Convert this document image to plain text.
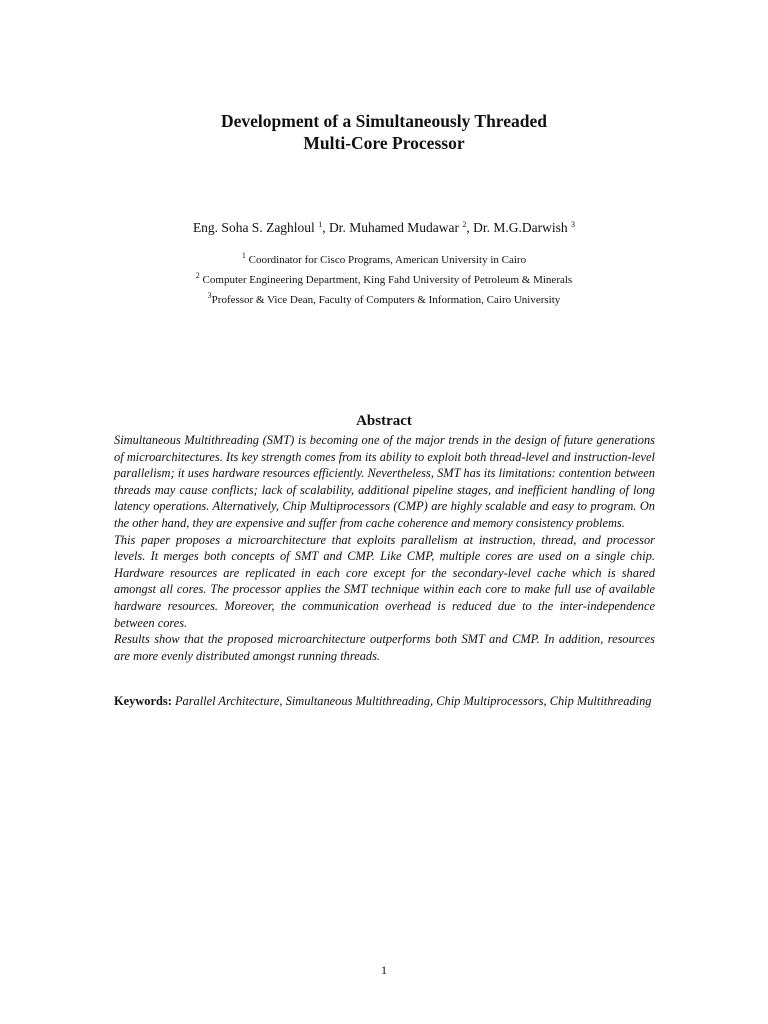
Development of a Simultaneously Threaded
Multi-Core Processor
Eng. Soha S. Zaghloul $^1$, Dr. Muhamed Mudawar $^2$, Dr. M.G.Darwish $^3$
$^1$ Coordinator for Cisco Programs, American University in Cairo
$^2$ Computer Engineering Department, King Fahd University of Petroleum & Minerals
$^3$Professor & Vice Dean, Faculty of Computers & Information, Cairo University
Abstract

Simultaneous Multithreading (SMT) is becoming one of the major trends in the design of future generations of microarchitectures. Its key strength comes from its ability to exploit both thread-level and instruction-level parallelism; it uses hardware resources efficiently. Nevertheless, SMT has its limitations: contention between threads may cause conflicts; lack of scalability, additional pipeline stages, and inefficient handling of long latency operations. Alternatively, Chip Multiprocessors (CMP) are highly scalable and easy to program. On the other hand, they are expensive and suffer from cache coherence and memory consistency problems.

This paper proposes a microarchitecture that exploits parallelism at instruction, thread, and processor levels. It merges both concepts of SMT and CMP. Like CMP, multiple cores are used on a single chip. Hardware resources are replicated in each core except for the secondary-level cache which is shared amongst all cores. The processor applies the SMT technique within each core to make full use of available hardware resources. Moreover, the communication overhead is reduced due to the inter-independence between cores.

Results show that the proposed microarchitecture outperforms both SMT and CMP. In addition, resources are more evenly distributed amongst running threads.

Keywords: Parallel Architecture, Simultaneous Multithreading, Chip Multiprocessors, Chip Multithreading
1
